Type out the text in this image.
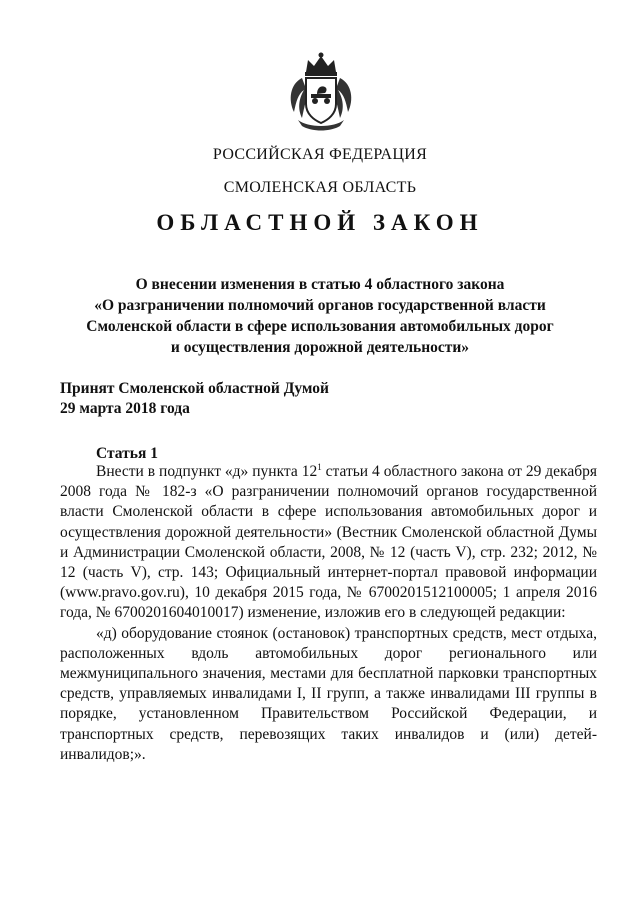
РОССИЙСКАЯ ФЕДЕРАЦИЯ
СМОЛЕНСКАЯ ОБЛАСТЬ
ОБЛАСТНОЙ ЗАКОН
О внесении изменения в статью 4 областного закона
«О разграничении полномочий органов государственной власти
Смоленской области в сфере использования автомобильных дорог
и осуществления дорожной деятельности»
Принят Смоленской областной Думой
29 марта 2018 года
Статья 1

Внести в подпункт «д» пункта $12^1$ статьи 4 областного закона от 29 декабря 2008 года № 182-з «О разграничении полномочий органов государственной власти Смоленской области в сфере использования автомобильных дорог и осуществления дорожной деятельности» (Вестник Смоленской областной Думы и Администрации Смоленской области, 2008, № 12 (часть V), стр. 232; 2012, № 12 (часть V), стр. 143; Официальный интернет-портал правовой информации (www.pravo.gov.ru), 10 декабря 2015 года, № 6700201512100005; 1 апреля 2016 года, № 6700201604010017) изменение, изложив его в следующей редакции:

«д) оборудование стоянок (остановок) транспортных средств, мест отдыха, расположенных вдоль автомобильных дорог регионального или межмуниципального значения, местами для бесплатной парковки транспортных средств, управляемых инвалидами I, II групп, а также инвалидами III группы в порядке, установленном Правительством Российской Федерации, и транспортных средств, перевозящих таких инвалидов и (или) детей-инвалидов;».
